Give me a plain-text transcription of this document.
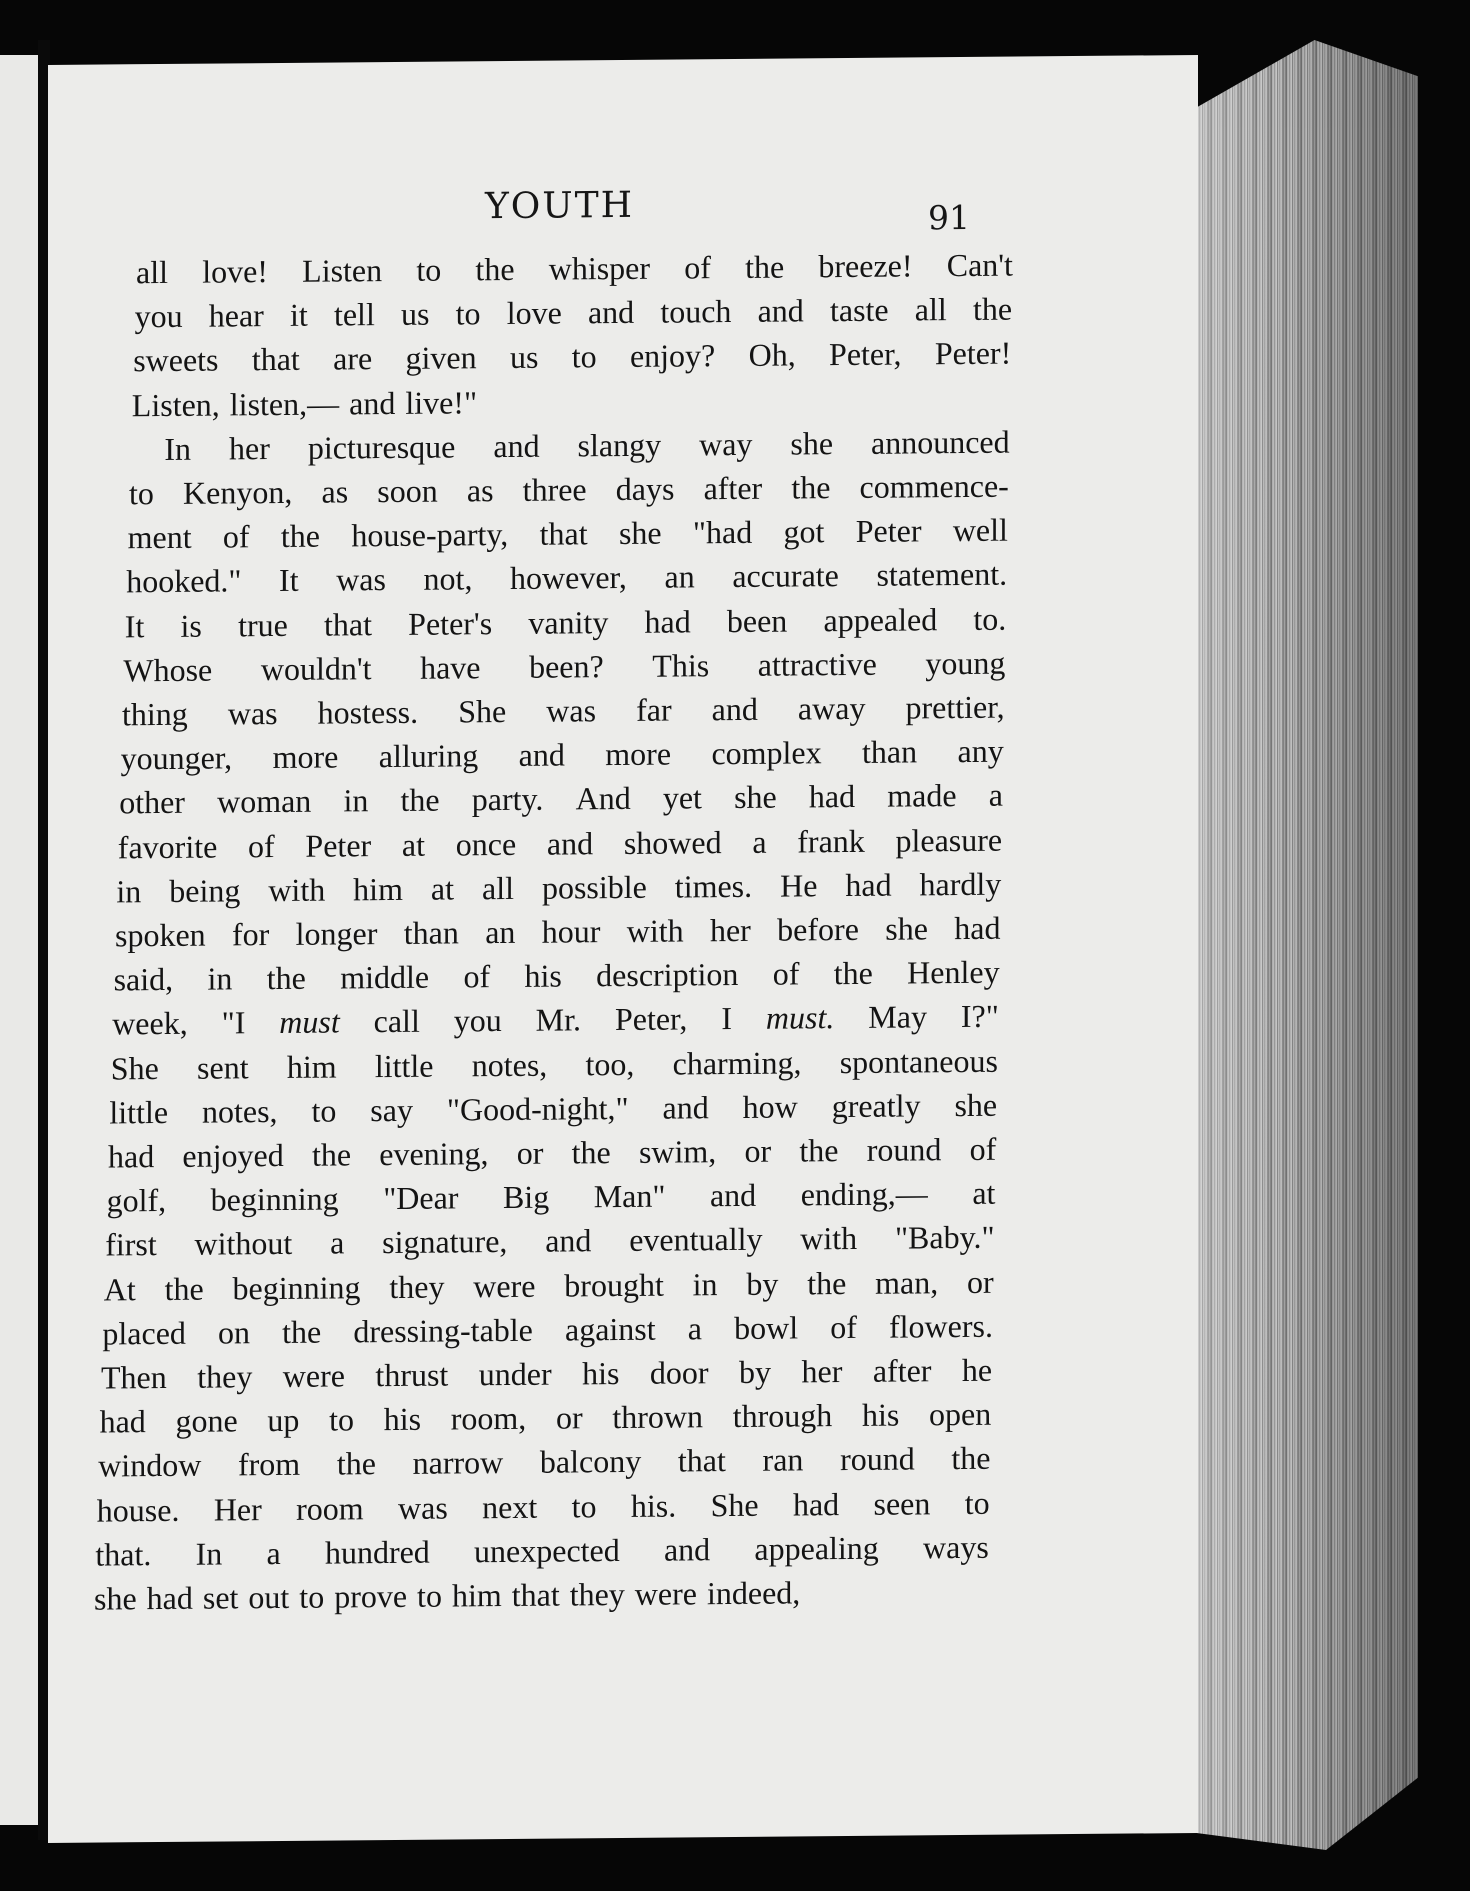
YOUTH	91
all love! Listen to the whisper of the breeze! Can't
you hear it tell us to love and touch and taste all the
sweets that are given us to enjoy? Oh, Peter, Peter!
Listen, listen,— and live!"
In her picturesque and slangy way she announced
to Kenyon, as soon as three days after the commence-
ment of the house-party, that she "had got Peter well
hooked." It was not, however, an accurate statement.
It is true that Peter's vanity had been appealed to.
Whose wouldn't have been? This attractive young
thing was hostess. She was far and away prettier,
younger, more alluring and more complex than any
other woman in the party. And yet she had made a
favorite of Peter at once and showed a frank pleasure
in being with him at all possible times. He had hardly
spoken for longer than an hour with her before she had
said, in the middle of his description of the Henley
week, "I must call you Mr. Peter, I must. May I?"
She sent him little notes, too, charming, spontaneous
little notes, to say "Good-night," and how greatly she
had enjoyed the evening, or the swim, or the round of
golf, beginning "Dear Big Man" and ending,— at
first without a signature, and eventually with "Baby."
At the beginning they were brought in by the man, or
placed on the dressing-table against a bowl of flowers.
Then they were thrust under his door by her after he
had gone up to his room, or thrown through his open
window from the narrow balcony that ran round the
house. Her room was next to his. She had seen to
that. In a hundred unexpected and appealing ways
she had set out to prove to him that they were indeed,
